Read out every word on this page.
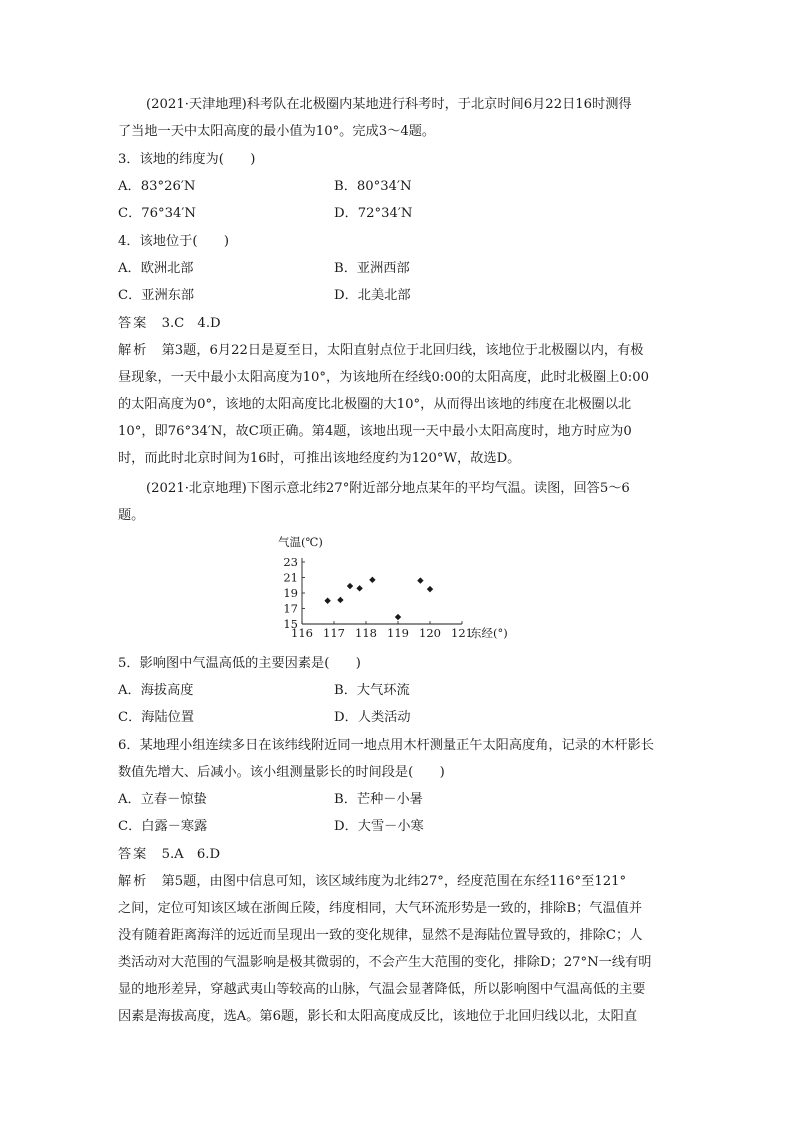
(2021·天津地理)科考队在北极圈内某地进行科考时，于北京时间6月22日16时测得
了当地一天中太阳高度的最小值为10°。完成3～4题。
3．该地的纬度为(　　)
A．83°26′N	B．80°34′N
C．76°34′N	D．72°34′N
4．该地位于(　　)
A．欧洲北部	B．亚洲西部
C．亚洲东部	D．北美北部
答案　 3.C　4.D
解析　 第3题，6月22日是夏至日，太阳直射点位于北回归线，该地位于北极圈以内，有极
昼现象，一天中最小太阳高度为10°，为该地所在经线0:00的太阳高度，此时北极圈上0:00
的太阳高度为0°，该地的太阳高度比北极圈的大10°，从而得出该地的纬度在北极圈以北
10°，即76°34′N，故C项正确。第4题，该地出现一天中最小太阳高度时，地方时应为0
时，而此时北京时间为16时，可推出该地经度约为120°W，故选D。
(2021·北京地理)下图示意北纬27°附近部分地点某年的平均气温。读图，回答5～6
题。
116 117 118 119 120 121
15
17
19
21
23
气温(℃)
东经(°)
5．影响图中气温高低的主要因素是(　　)
A．海拔高度	B．大气环流
C．海陆位置	D．人类活动
6．某地理小组连续多日在该纬线附近同一地点用木杆测量正午太阳高度角，记录的木杆影长
数值先增大、后减小。该小组测量影长的时间段是(　　)
A．立春－惊蛰	B．芒种－小暑
C．白露－寒露	D．大雪－小寒
答案　 5.A　6.D
解析　 第5题，由图中信息可知，该区域纬度为北纬27°，经度范围在东经116°至121°
之间，定位可知该区域在浙闽丘陵，纬度相同，大气环流形势是一致的，排除B；气温值并
没有随着距离海洋的远近而呈现出一致的变化规律，显然不是海陆位置导致的，排除C；人
类活动对大范围的气温影响是极其微弱的，不会产生大范围的变化，排除D；27°N一线有明
显的地形差异，穿越武夷山等较高的山脉，气温会显著降低，所以影响图中气温高低的主要
因素是海拔高度，选A。第6题，影长和太阳高度成反比，该地位于北回归线以北，太阳直
